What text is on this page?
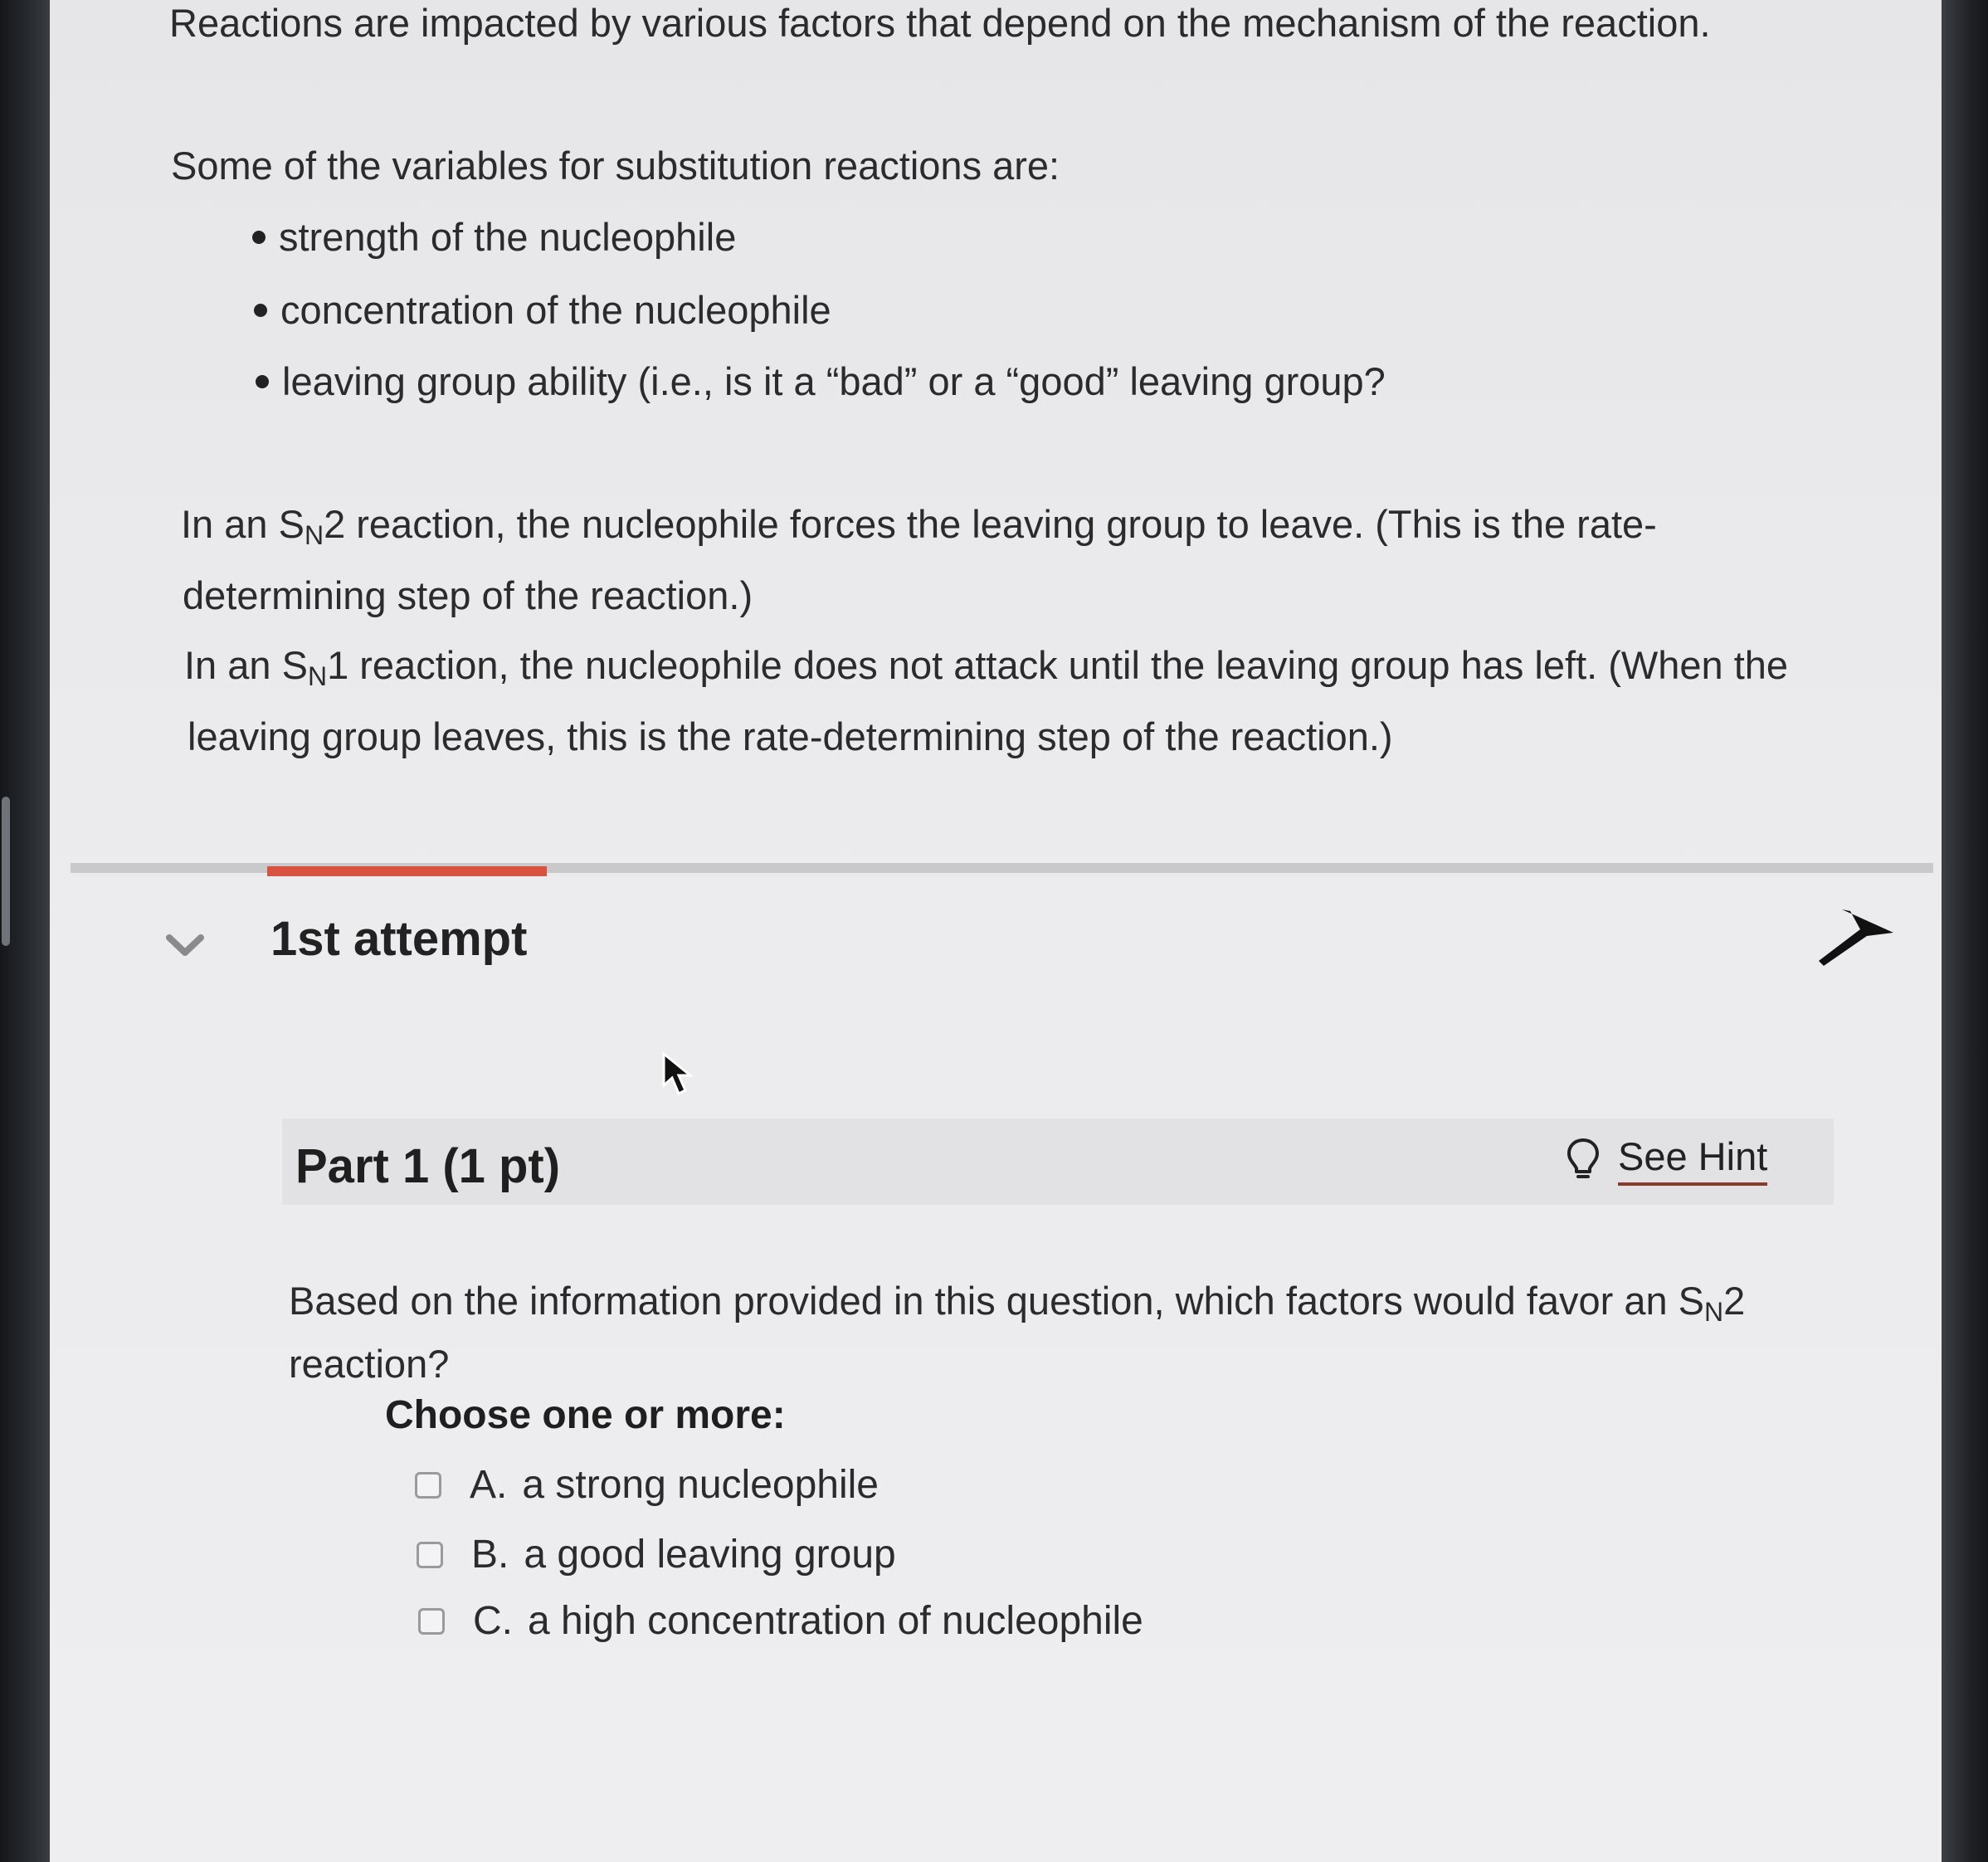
Reactions are impacted by various factors that depend on the mechanism of the reaction.
Some of the variables for substitution reactions are:
strength of the nucleophile
concentration of the nucleophile
leaving group ability (i.e., is it a “bad” or a “good” leaving group?
In an $S_N2$ reaction, the nucleophile forces the leaving group to leave. (This is the rate-
determining step of the reaction.)
In an $S_N1$ reaction, the nucleophile does not attack until the leaving group has left. (When the
leaving group leaves, this is the rate-determining step of the reaction.)
1st attempt
Part 1 (1 pt)	See Hint
Based on the information provided in this question, which factors would favor an $S_N2$
reaction?
Choose one or more:
A. a strong nucleophile
B. a good leaving group
C. a high concentration of nucleophile
